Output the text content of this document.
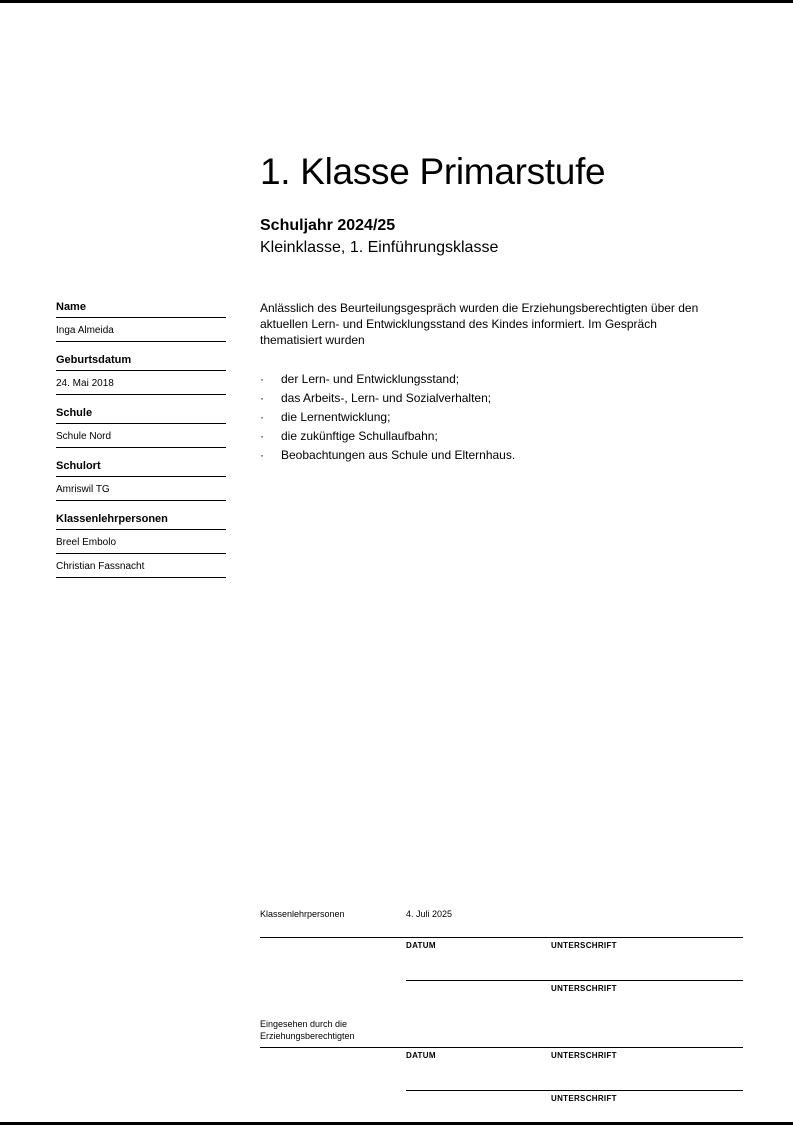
1. Klasse Primarstufe

Schuljahr 2024/25

Kleinklasse, 1. Einführungsklasse

Name
Inga Almeida
Geburtsdatum
24. Mai 2018
Schule
Schule Nord
Schulort
Amriswil TG
Klassenlehrpersonen
Breel Embolo
Christian Fassnacht

Anlässlich des Beurteilungsgespräch wurden die Erziehungsberechtigten über den aktuellen Lern- und Entwicklungsstand des Kindes informiert. Im Gespräch thematisiert wurden

· der Lern- und Entwicklungsstand;
· das Arbeits-, Lern- und Sozialverhalten;
· die Lernentwicklung;
· die zukünftige Schullaufbahn;
· Beobachtungen aus Schule und Elternhaus.
Klassenlehrpersonen	4. Juli 2025
DATUM	UNTERSCHRIFT
UNTERSCHRIFT
Eingesehen durch die Erziehungsberechtigten
DATUM	UNTERSCHRIFT
UNTERSCHRIFT
